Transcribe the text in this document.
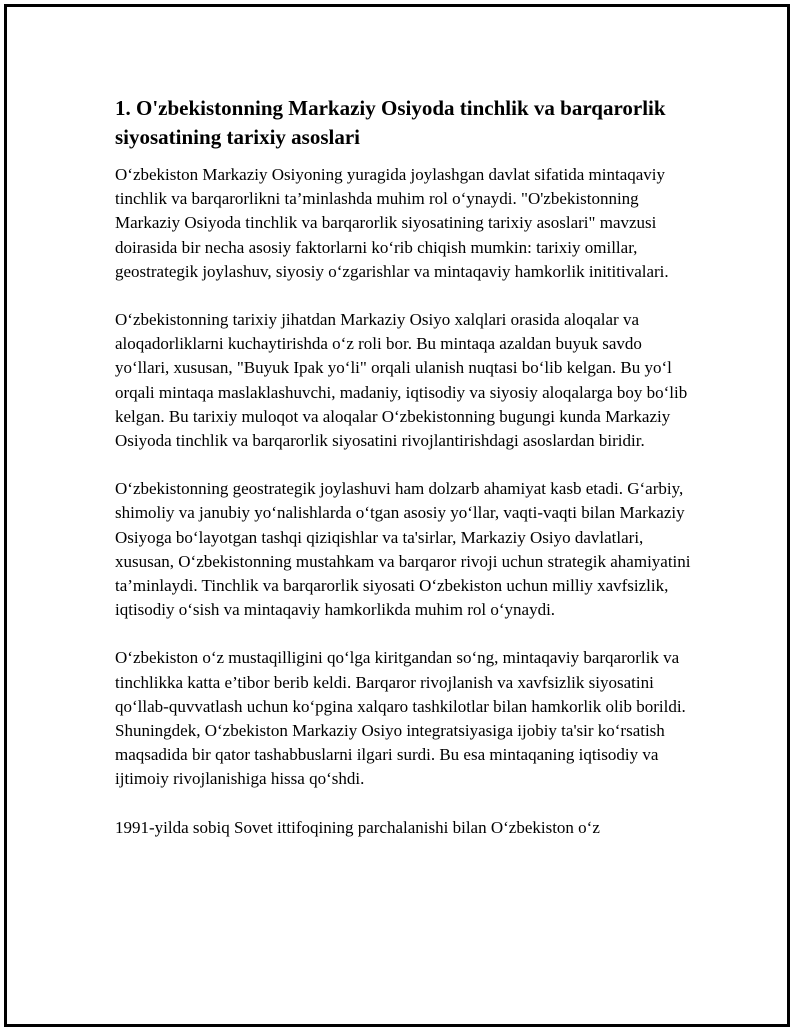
1. O'zbekistonning Markaziy Osiyoda tinchlik va barqarorlik siyosatining tarixiy asoslari

O‘zbekiston Markaziy Osiyoning yuragida joylashgan davlat sifatida mintaqaviy tinchlik va barqarorlikni ta’minlashda muhim rol o‘ynaydi. "O'zbekistonning Markaziy Osiyoda tinchlik va barqarorlik siyosatining tarixiy asoslari" mavzusi doirasida bir necha asosiy faktorlarni ko‘rib chiqish mumkin: tarixiy omillar, geostrategik joylashuv, siyosiy o‘zgarishlar va mintaqaviy hamkorlik inititivalari.

O‘zbekistonning tarixiy jihatdan Markaziy Osiyo xalqlari orasida aloqalar va aloqadorliklarni kuchaytirishda o‘z roli bor. Bu mintaqa azaldan buyuk savdo yo‘llari, xususan, "Buyuk Ipak yo‘li" orqali ulanish nuqtasi bo‘lib kelgan. Bu yo‘l orqali mintaqa maslaklashuvchi, madaniy, iqtisodiy va siyosiy aloqalarga boy bo‘lib kelgan. Bu tarixiy muloqot va aloqalar O‘zbekistonning bugungi kunda Markaziy Osiyoda tinchlik va barqarorlik siyosatini rivojlantirishdagi asoslardan biridir.

O‘zbekistonning geostrategik joylashuvi ham dolzarb ahamiyat kasb etadi. G‘arbiy, shimoliy va janubiy yo‘nalishlarda o‘tgan asosiy yo‘llar, vaqti-vaqti bilan Markaziy Osiyoga bo‘layotgan tashqi qiziqishlar va ta'sirlar, Markaziy Osiyo davlatlari, xususan, O‘zbekistonning mustahkam va barqaror rivoji uchun strategik ahamiyatini ta’minlaydi. Tinchlik va barqarorlik siyosati O‘zbekiston uchun milliy xavfsizlik, iqtisodiy o‘sish va mintaqaviy hamkorlikda muhim rol o‘ynaydi.

O‘zbekiston o‘z mustaqilligini qo‘lga kiritgandan so‘ng, mintaqaviy barqarorlik va tinchlikka katta e’tibor berib keldi. Barqaror rivojlanish va xavfsizlik siyosatini qo‘llab-quvvatlash uchun ko‘pgina xalqaro tashkilotlar bilan hamkorlik olib borildi. Shuningdek, O‘zbekiston Markaziy Osiyo integratsiyasiga ijobiy ta'sir ko‘rsatish maqsadida bir qator tashabbuslarni ilgari surdi. Bu esa mintaqaning iqtisodiy va ijtimoiy rivojlanishiga hissa qo‘shdi.

1991-yilda sobiq Sovet ittifoqining parchalanishi bilan O‘zbekiston o‘z
